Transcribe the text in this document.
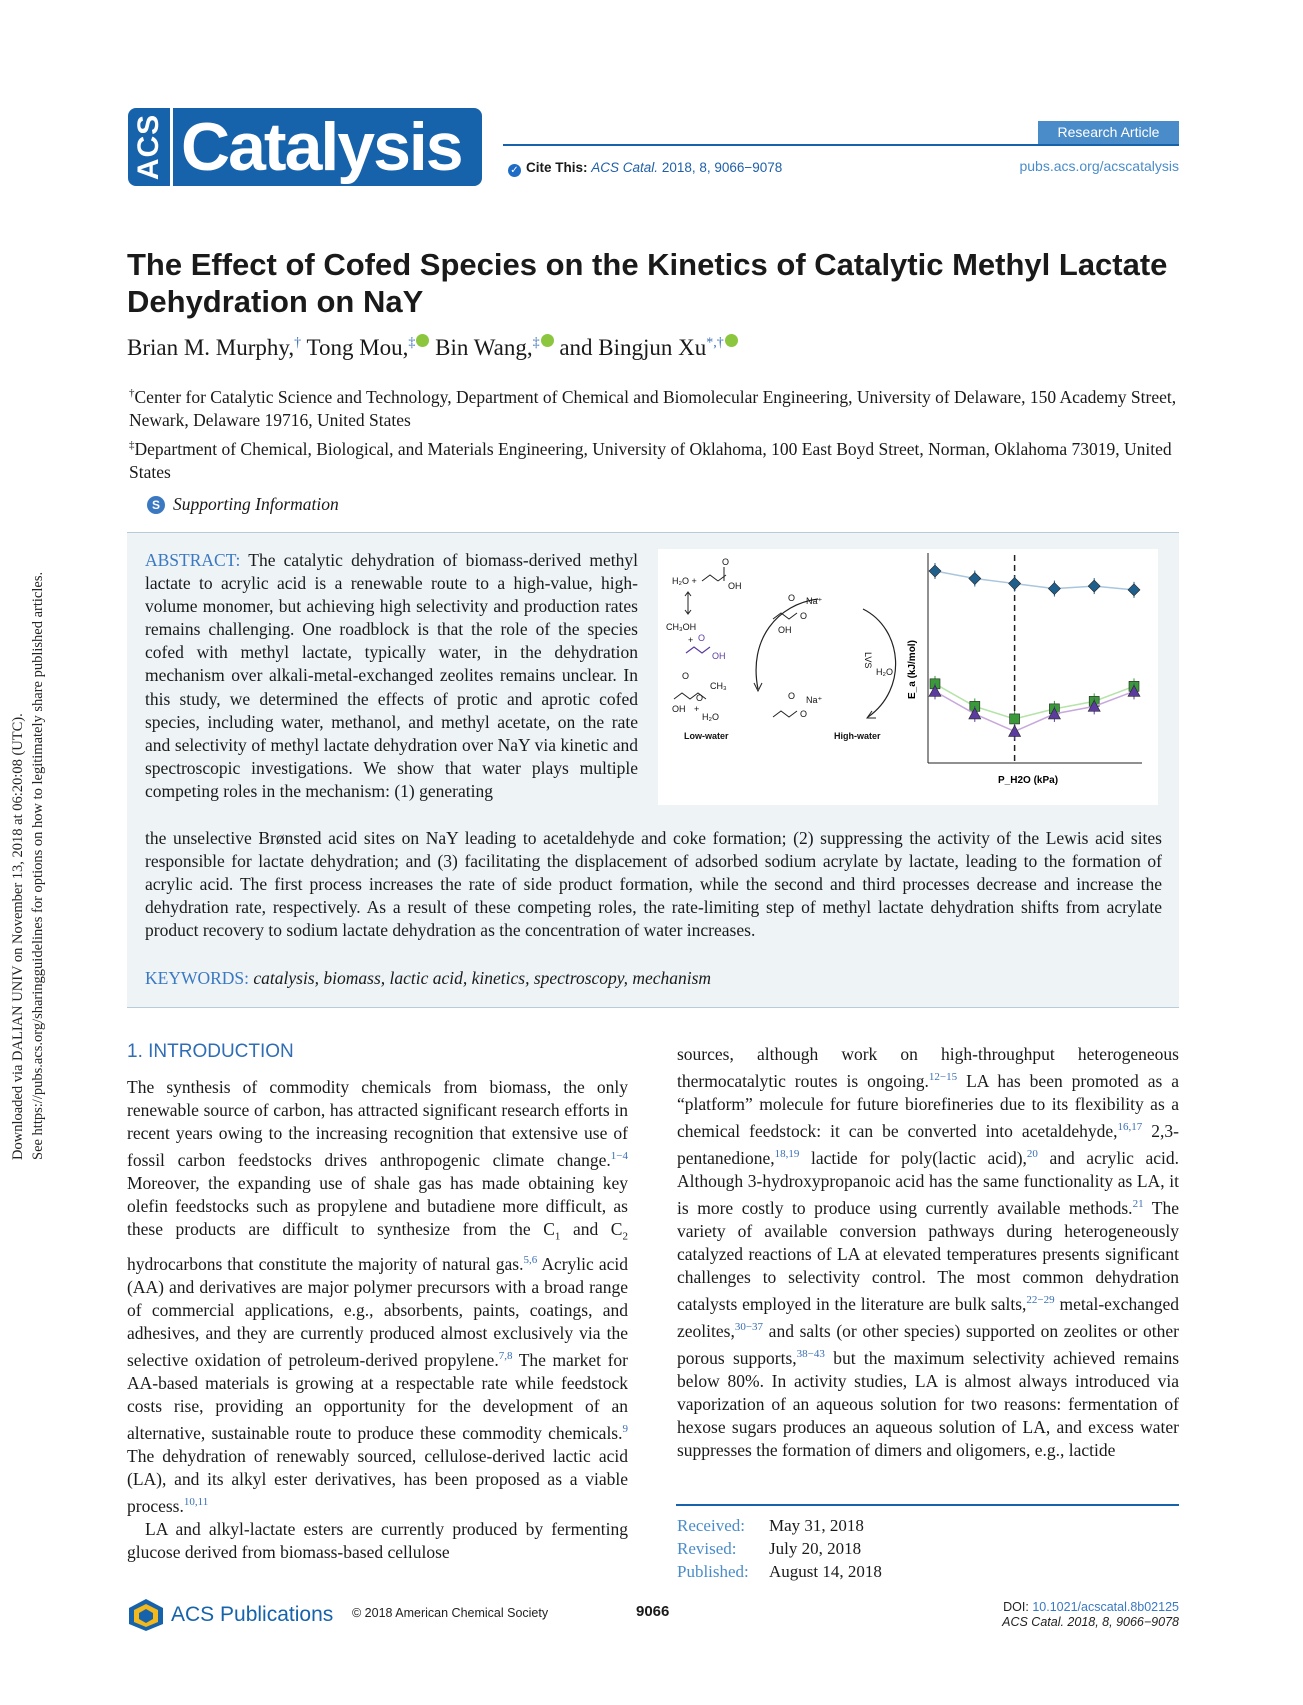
Downloaded via DALIAN UNIV on November 13, 2018 at 06:20:08 (UTC). See https://pubs.acs.org/sharingguidelines for options on how to legitimately share published articles.
ACS Catalysis	Research Article
✓ Cite This: ACS Catal. 2018, 8, 9066−9078	pubs.acs.org/acscatalysis
The Effect of Cofed Species on the Kinetics of Catalytic Methyl Lactate Dehydration on NaY
Brian M. Murphy,† Tong Mou,‡ Bin Wang,‡ and Bingjun Xu*,†
†Center for Catalytic Science and Technology, Department of Chemical and Biomolecular Engineering, University of Delaware, 150 Academy Street, Newark, Delaware 19716, United States
‡Department of Chemical, Biological, and Materials Engineering, University of Oklahoma, 100 East Boyd Street, Norman, Oklahoma 73019, United States
S Supporting Information
ABSTRACT: The catalytic dehydration of biomass-derived methyl lactate to acrylic acid is a renewable route to a high-value, high-volume monomer, but achieving high selectivity and production rates remains challenging. One roadblock is that the role of the species cofed with methyl lactate, typically water, in the dehydration mechanism over alkali-metal-exchanged zeolites remains unclear. In this study, we determined the effects of protic and aprotic cofed species, including water, methanol, and methyl acetate, on the rate and selectivity of methyl lactate dehydration over NaY via kinetic and spectroscopic investigations. We show that water plays multiple competing roles in the mechanism: (1) generating
the unselective Brønsted acid sites on NaY leading to acetaldehyde and coke formation; (2) suppressing the activity of the Lewis acid sites responsible for lactate dehydration; and (3) facilitating the displacement of adsorbed sodium acrylate by lactate, leading to the formation of acrylic acid. The first process increases the rate of side product formation, while the second and third processes decrease and increase the dehydration rate, respectively. As a result of these competing roles, the rate-limiting step of methyl lactate dehydration shifts from acrylate product recovery to sodium lactate dehydration as the concentration of water increases.
H₂O +
O
OH
CH₃OH
+ O
OH
O
O
CH₃
OH +
H₂O
Low-water
O
O
Na⁺
OH
O
O
Na⁺
LVS
H₂O
High-water
E_a (kJ/mol)
P_H2O (kPa)
KEYWORDS: catalysis, biomass, lactic acid, kinetics, spectroscopy, mechanism
1. INTRODUCTION

The synthesis of commodity chemicals from biomass, the only renewable source of carbon, has attracted significant research efforts in recent years owing to the increasing recognition that extensive use of fossil carbon feedstocks drives anthropogenic climate change.$^{1-4}$ Moreover, the expanding use of shale gas has made obtaining key olefin feedstocks such as propylene and butadiene more difficult, as these products are difficult to synthesize from the $C_1$ and $C_2$ hydrocarbons that constitute the majority of natural gas.$^{5,6}$ Acrylic acid (AA) and derivatives are major polymer precursors with a broad range of commercial applications, e.g., absorbents, paints, coatings, and adhesives, and they are currently produced almost exclusively via the selective oxidation of petroleum-derived propylene.$^{7,8}$ The market for AA-based materials is growing at a respectable rate while feedstock costs rise, providing an opportunity for the development of an alternative, sustainable route to produce these commodity chemicals.$^9$ The dehydration of renewably sourced, cellulose-derived lactic acid (LA), and its alkyl ester derivatives, has been proposed as a viable process.$^{10,11}$

LA and alkyl-lactate esters are currently produced by fermenting glucose derived from biomass-based cellulose

sources, although work on high-throughput heterogeneous thermocatalytic routes is ongoing.$^{12-15}$ LA has been promoted as a “platform” molecule for future biorefineries due to its flexibility as a chemical feedstock: it can be converted into acetaldehyde,$^{16,17}$ 2,3-pentanedione,$^{18,19}$ lactide for poly(lactic acid),$^{20}$ and acrylic acid. Although 3-hydroxypropanoic acid has the same functionality as LA, it is more costly to produce using currently available methods.$^{21}$ The variety of available conversion pathways during heterogeneously catalyzed reactions of LA at elevated temperatures presents significant challenges to selectivity control. The most common dehydration catalysts employed in the literature are bulk salts,$^{22-29}$ metal-exchanged zeolites,$^{30-37}$ and salts (or other species) supported on zeolites or other porous supports,$^{38-43}$ but the maximum selectivity achieved remains below 80%. In activity studies, LA is almost always introduced via vaporization of an aqueous solution for two reasons: fermentation of hexose sugars produces an aqueous solution of LA, and excess water suppresses the formation of dimers and oligomers, e.g., lactide

Received: May 31, 2018
Revised: July 20, 2018
Published: August 14, 2018
ACS Publications © 2018 American Chemical Society	9066	DOI: 10.1021/acscatal.8b02125
ACS Catal. 2018, 8, 9066−9078
